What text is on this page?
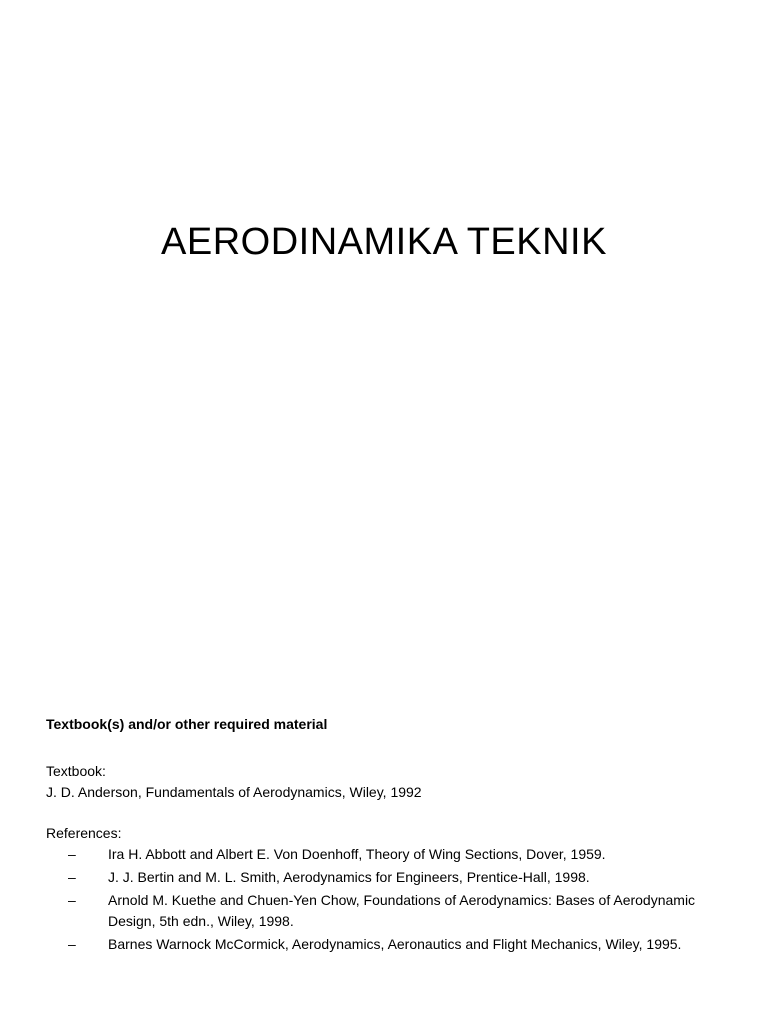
AERODINAMIKA TEKNIK

Textbook(s) and/or other required material

Textbook:

J. D. Anderson, Fundamentals of Aerodynamics, Wiley, 1992

References:

–	Ira H. Abbott and Albert E. Von Doenhoff, Theory of Wing Sections, Dover, 1959.
–	J. J. Bertin and M. L. Smith, Aerodynamics for Engineers, Prentice-Hall, 1998.
–	Arnold M. Kuethe and Chuen-Yen Chow, Foundations of Aerodynamics: Bases of Aerodynamic Design, 5th edn., Wiley, 1998.
–	Barnes Warnock McCormick, Aerodynamics, Aeronautics and Flight Mechanics, Wiley, 1995.
